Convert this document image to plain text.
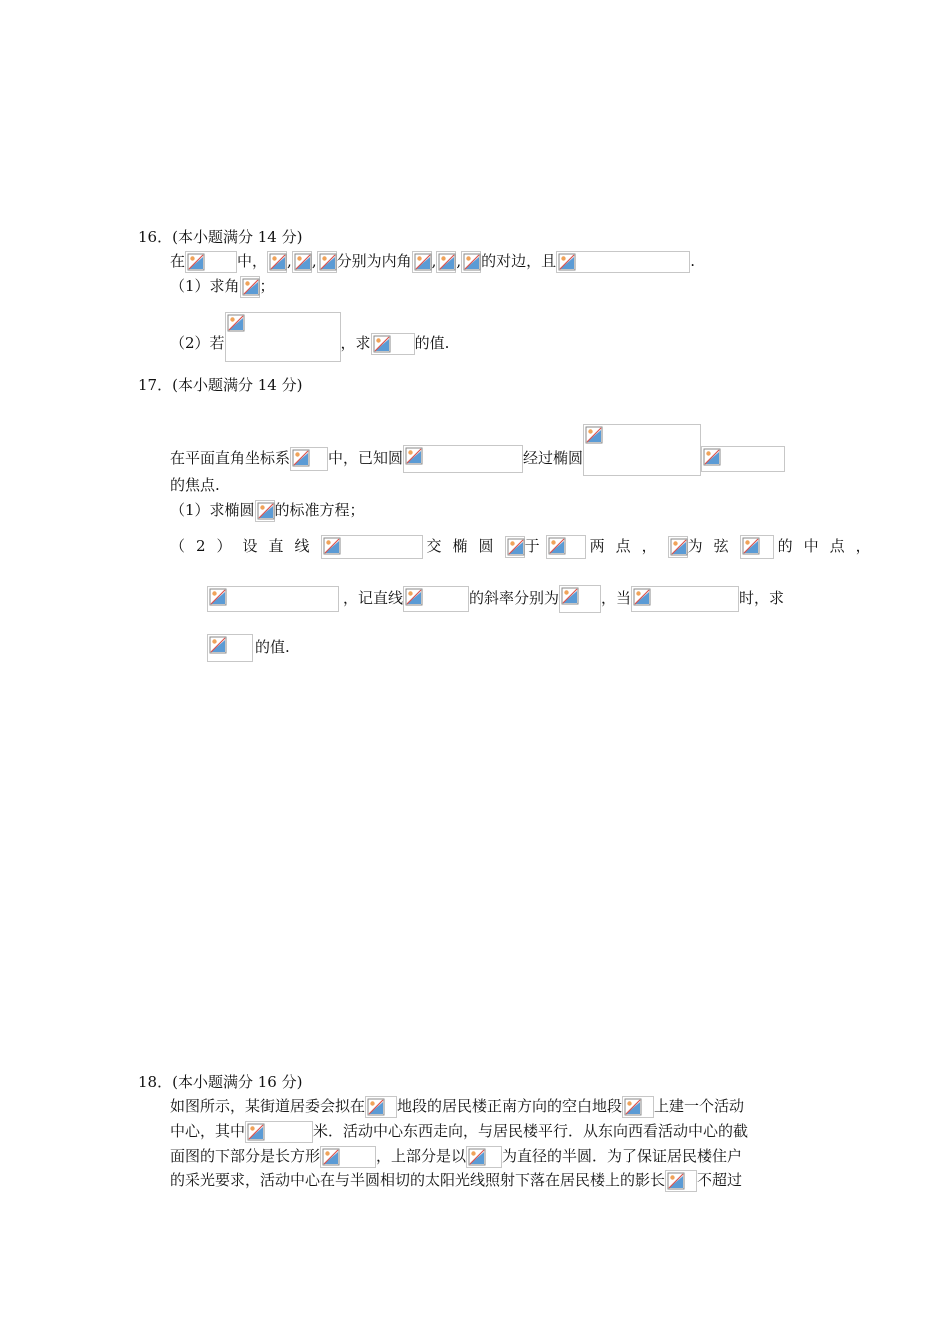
16．(本小题满分 14 分)
在	中， , , 分别为内角 , , 的对边，且	.
（1）求角 ；
（2）若	，求	的值.
17．(本小题满分 14 分)
在平面直角坐标系	中，已知圆	经过椭圆
的焦点.
（1）求椭圆 的标准方程；
（2）设直线	交椭圆 于	两点， 为弦	的中点，
，记直线	的斜率分别为	，当	时，求
的值.
18．(本小题满分 16 分)
如图所示，某街道居委会拟在 地段的居民楼正南方向的空白地段 上建一个活动
中心，其中	米．活动中心东西走向，与居民楼平行．从东向西看活动中心的截
面图的下部分是长方形	，上部分是以 为直径的半圆．为了保证居民楼住户
的采光要求，活动中心在与半圆相切的太阳光线照射下落在居民楼上的影长 不超过
